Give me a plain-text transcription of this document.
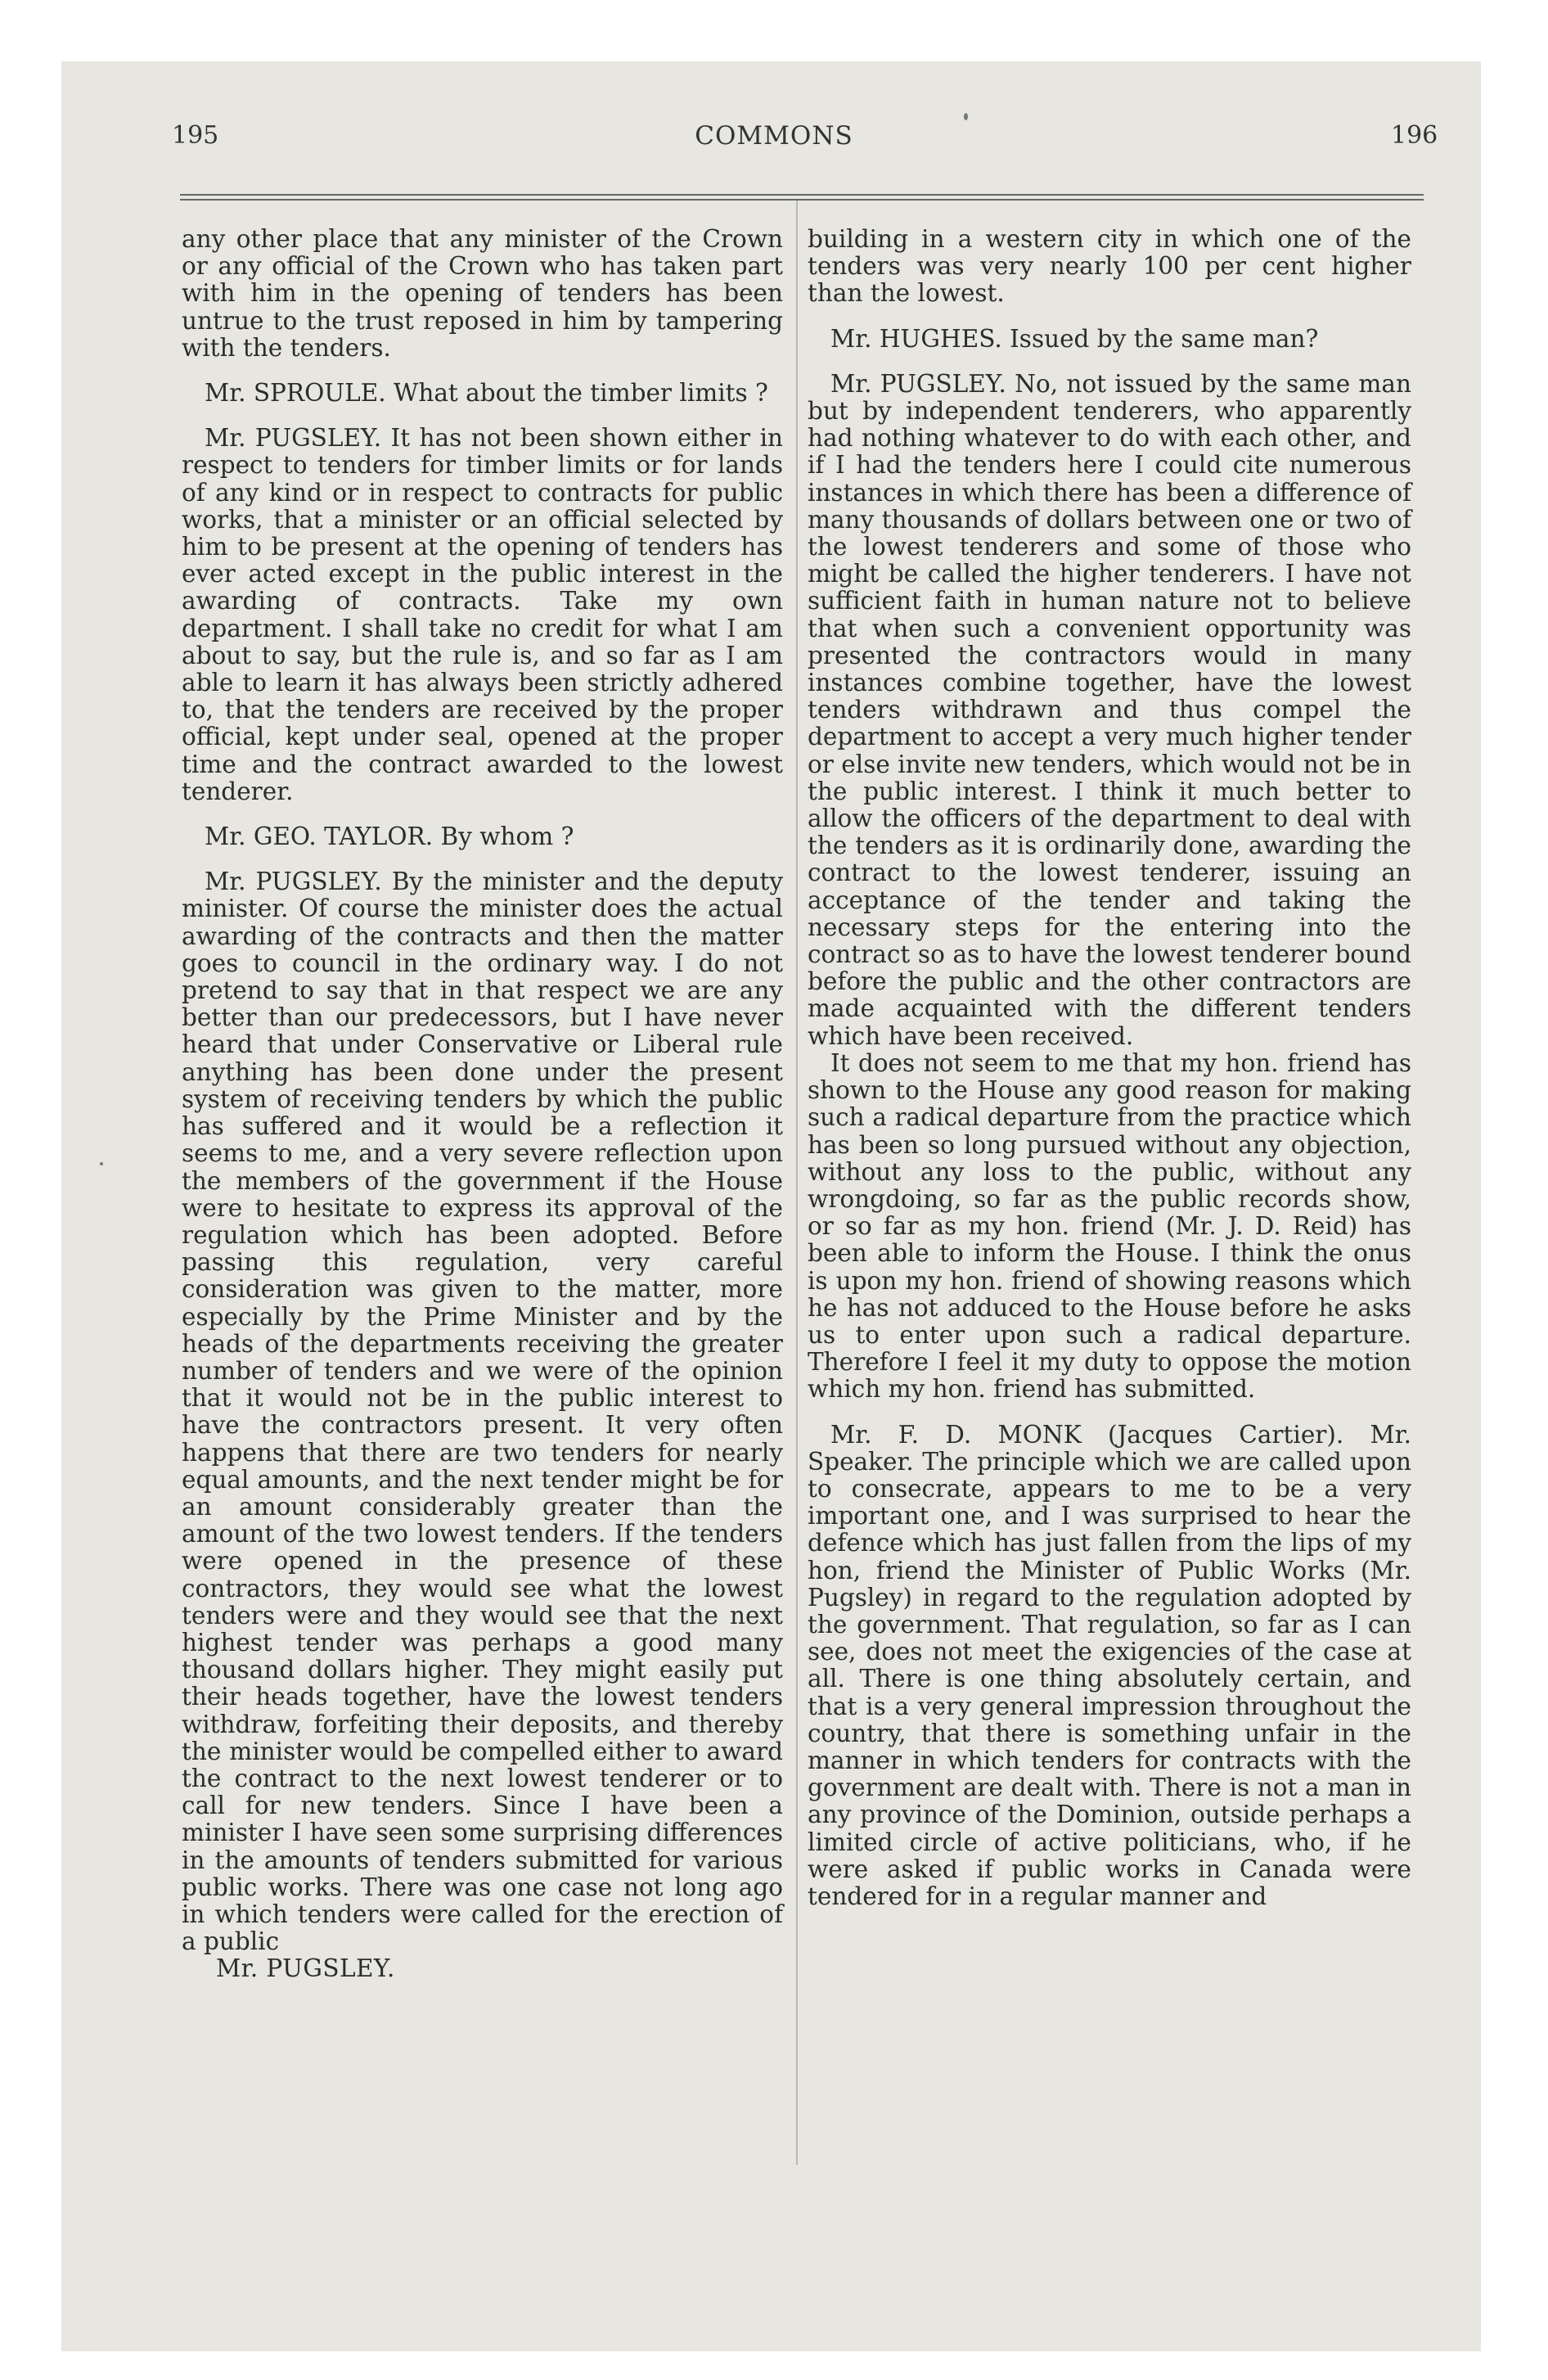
195	COMMONS	196

any other place that any minister of the Crown or any official of the Crown who has taken part with him in the opening of tenders has been untrue to the trust reposed in him by tampering with the tenders.

Mr. SPROULE. What about the timber limits ?

Mr. PUGSLEY. It has not been shown either in respect to tenders for timber limits or for lands of any kind or in respect to contracts for public works, that a minister or an official selected by him to be present at the opening of tenders has ever acted except in the public interest in the awarding of contracts. Take my own department. I shall take no credit for what I am about to say, but the rule is, and so far as I am able to learn it has always been strictly adhered to, that the tenders are received by the proper official, kept under seal, opened at the proper time and the contract awarded to the lowest tenderer.

Mr. GEO. TAYLOR. By whom ?

Mr. PUGSLEY. By the minister and the deputy minister. Of course the minister does the actual awarding of the contracts and then the matter goes to council in the ordinary way. I do not pretend to say that in that respect we are any better than our predecessors, but I have never heard that under Conservative or Liberal rule anything has been done under the present system of receiving tenders by which the public has suffered and it would be a reflection it seems to me, and a very severe reflection upon the members of the government if the House were to hesitate to express its approval of the regulation which has been adopted. Before passing this regulation, very careful consideration was given to the matter, more especially by the Prime Minister and by the heads of the departments receiving the greater number of tenders and we were of the opinion that it would not be in the public interest to have the contractors present. It very often happens that there are two tenders for nearly equal amounts, and the next tender might be for an amount considerably greater than the amount of the two lowest tenders. If the tenders were opened in the presence of these contractors, they would see what the lowest tenders were and they would see that the next highest tender was perhaps a good many thousand dollars higher. They might easily put their heads together, have the lowest tenders withdraw, forfeiting their deposits, and thereby the minister would be compelled either to award the contract to the next lowest tenderer or to call for new tenders. Since I have been a minister I have seen some surprising differences in the amounts of tenders submitted for various public works. There was one case not long ago in which tenders were called for the erection of a public

Mr. PUGSLEY.

building in a western city in which one of the tenders was very nearly 100 per cent higher than the lowest.

Mr. HUGHES. Issued by the same man?

Mr. PUGSLEY. No, not issued by the same man but by independent tenderers, who apparently had nothing whatever to do with each other, and if I had the tenders here I could cite numerous instances in which there has been a difference of many thousands of dollars between one or two of the lowest tenderers and some of those who might be called the higher tenderers. I have not sufficient faith in human nature not to believe that when such a convenient opportunity was presented the contractors would in many instances combine together, have the lowest tenders withdrawn and thus compel the department to accept a very much higher tender or else invite new tenders, which would not be in the public interest. I think it much better to allow the officers of the department to deal with the tenders as it is ordinarily done, awarding the contract to the lowest tenderer, issuing an acceptance of the tender and taking the necessary steps for the entering into the contract so as to have the lowest tenderer bound before the public and the other contractors are made acquainted with the different tenders which have been received.

It does not seem to me that my hon. friend has shown to the House any good reason for making such a radical departure from the practice which has been so long pursued without any objection, without any loss to the public, without any wrongdoing, so far as the public records show, or so far as my hon. friend (Mr. J. D. Reid) has been able to inform the House. I think the onus is upon my hon. friend of showing reasons which he has not adduced to the House before he asks us to enter upon such a radical departure. Therefore I feel it my duty to oppose the motion which my hon. friend has submitted.

Mr. F. D. MONK (Jacques Cartier). Mr. Speaker. The principle which we are called upon to consecrate, appears to me to be a very important one, and I was surprised to hear the defence which has just fallen from the lips of my hon, friend the Minister of Public Works (Mr. Pugsley) in regard to the regulation adopted by the government. That regulation, so far as I can see, does not meet the exigencies of the case at all. There is one thing absolutely certain, and that is a very general impression throughout the country, that there is something unfair in the manner in which tenders for contracts with the government are dealt with. There is not a man in any province of the Dominion, outside perhaps a limited circle of active politicians, who, if he were asked if public works in Canada were tendered for in a regular manner and
